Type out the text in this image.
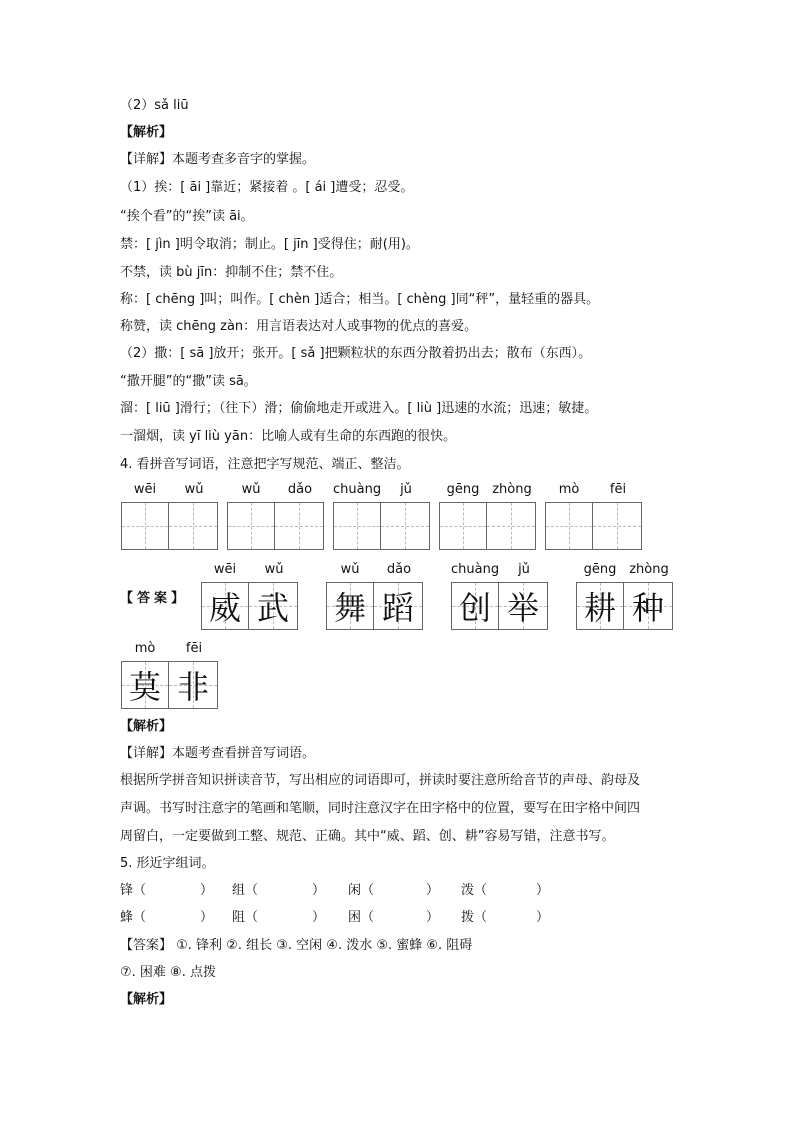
（2）sǎ liū
【解析】
【详解】本题考查多音字的掌握。
（1）挨：[ āi ]靠近；紧接着 。[ ái ]遭受；忍受。
“挨个看”的“挨”读 āi。
禁：[ jìn ]明令取消；制止。[ jīn ]受得住；耐(用)。
不禁，读 bù jīn：抑制不住；禁不住。
称：[ chēng ]叫；叫作。[ chèn ]适合；相当。[ chèng ]同“秤”，量轻重的器具。
称赞，读 chēng zàn：用言语表达对人或事物的优点的喜爱。
（2）撒：[ sā ]放开；张开。[ sǎ ]把颗粒状的东西分散着扔出去；散布（东西）。
“撒开腿”的“撒”读 sā。
溜：[ liū ]滑行；（往下）滑；偷偷地走开或进入。[ liù ]迅速的水流；迅速；敏捷。
一溜烟，读 yī liù yān：比喻人或有生命的东西跑的很快。
4. 看拼音写词语，注意把字写规范、端正、整洁。
wēi	wǔ	wǔ	dǎo	chuàng	jǔ	gēng zhòng	mò	fēi
【答案】
wēi	wǔ
威 武
wǔ	dǎo
舞 蹈
chuàng	jǔ
创 举
gēng zhòng
耕 种
mò	fēi
莫 非
【解析】
【详解】本题考查看拼音写词语。
根据所学拼音知识拼读音节，写出相应的词语即可，拼读时要注意所给音节的声母、韵母及
声调。书写时注意字的笔画和笔顺，同时注意汉字在田字格中的位置，要写在田字格中间四
周留白，一定要做到工整、规范、正确。其中“威、蹈、创、耕”容易写错，注意书写。
5. 形近字组词。
锋（	） 组（	） 闲（	） 泼（	）
蜂（	） 阻（	） 困（	） 拨（	）
【答案】 ①. 锋利 ②. 组长 ③. 空闲 ④. 泼水 ⑤. 蜜蜂 ⑥. 阻碍
⑦. 困难 ⑧. 点拨
【解析】
